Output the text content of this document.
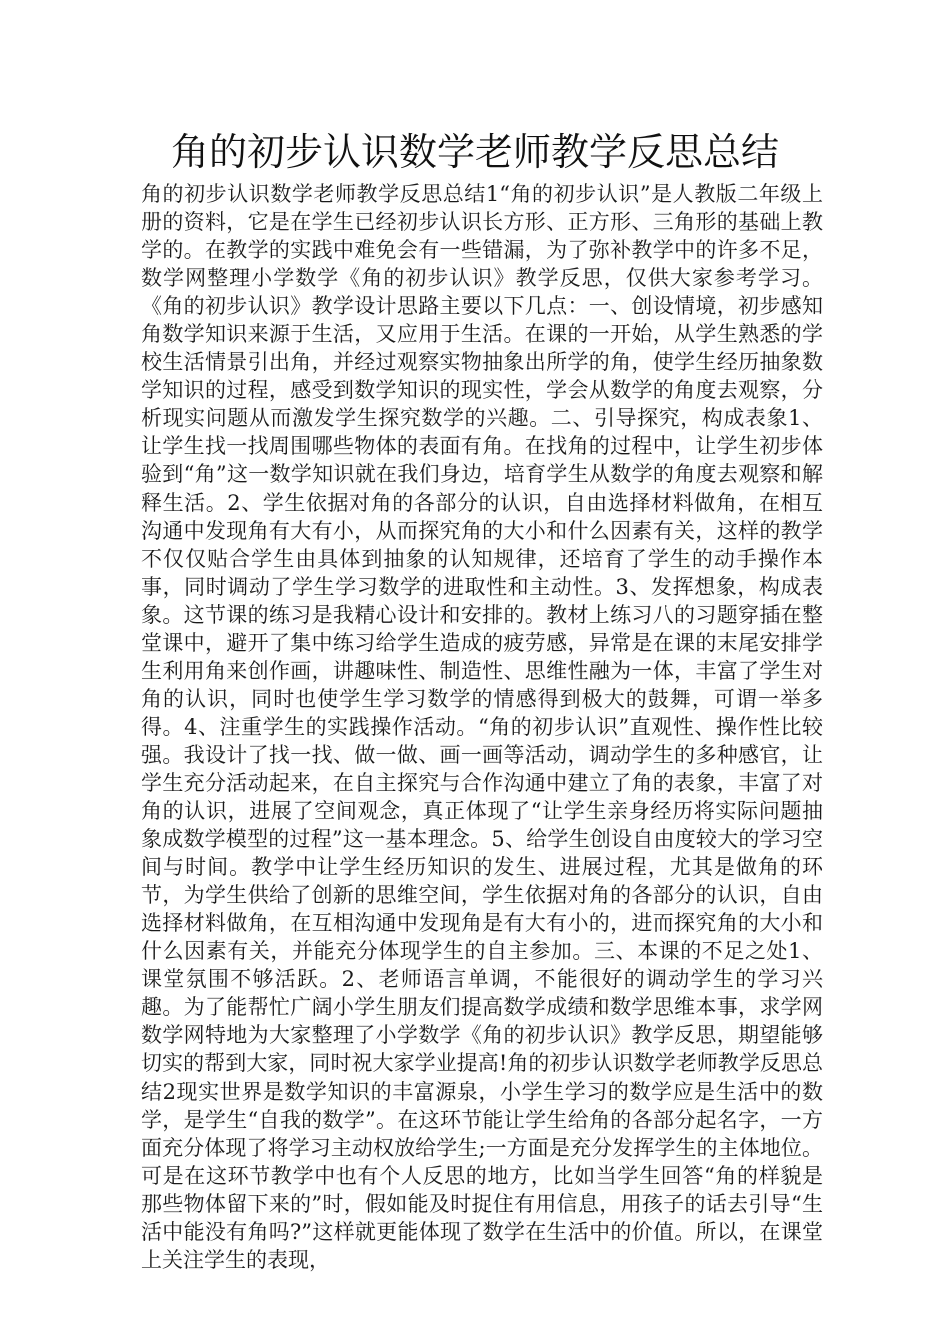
角的初步认识数学老师教学反思总结

角的初步认识数学老师教学反思总结1“角的初步认识”是人教版二年级上册的资料，它是在学生已经初步认识长方形、正方形、三角形的基础上教学的。在教学的实践中难免会有一些错漏，为了弥补教学中的许多不足，数学网整理小学数学《角的初步认识》教学反思，仅供大家参考学习。《角的初步认识》教学设计思路主要以下几点：一、创设情境，初步感知角数学知识来源于生活，又应用于生活。在课的一开始，从学生熟悉的学校生活情景引出角，并经过观察实物抽象出所学的角，使学生经历抽象数学知识的过程，感受到数学知识的现实性，学会从数学的角度去观察，分析现实问题从而激发学生探究数学的兴趣。二、引导探究，构成表象1、让学生找一找周围哪些物体的表面有角。在找角的过程中，让学生初步体验到“角”这一数学知识就在我们身边，培育学生从数学的角度去观察和解释生活。2、学生依据对角的各部分的认识，自由选择材料做角，在相互沟通中发现角有大有小，从而探究角的大小和什么因素有关，这样的教学不仅仅贴合学生由具体到抽象的认知规律，还培育了学生的动手操作本事，同时调动了学生学习数学的进取性和主动性。3、发挥想象，构成表象。这节课的练习是我精心设计和安排的。教材上练习八的习题穿插在整堂课中，避开了集中练习给学生造成的疲劳感，异常是在课的末尾安排学生利用角来创作画，讲趣味性、制造性、思维性融为一体，丰富了学生对角的认识，同时也使学生学习数学的情感得到极大的鼓舞，可谓一举多得。4、注重学生的实践操作活动。“角的初步认识”直观性、操作性比较强。我设计了找一找、做一做、画一画等活动，调动学生的多种感官，让学生充分活动起来，在自主探究与合作沟通中建立了角的表象，丰富了对角的认识，进展了空间观念，真正体现了“让学生亲身经历将实际问题抽象成数学模型的过程”这一基本理念。5、给学生创设自由度较大的学习空间与时间。教学中让学生经历知识的发生、进展过程，尤其是做角的环节，为学生供给了创新的思维空间，学生依据对角的各部分的认识，自由选择材料做角，在互相沟通中发现角是有大有小的，进而探究角的大小和什么因素有关，并能充分体现学生的自主参加。三、本课的不足之处1、课堂氛围不够活跃。2、老师语言单调，不能很好的调动学生的学习兴趣。为了能帮忙广阔小学生朋友们提高数学成绩和数学思维本事，求学网数学网特地为大家整理了小学数学《角的初步认识》教学反思，期望能够切实的帮到大家，同时祝大家学业提高!角的初步认识数学老师教学反思总结2现实世界是数学知识的丰富源泉，小学生学习的数学应是生活中的数学，是学生“自我的数学”。在这环节能让学生给角的各部分起名字，一方面充分体现了将学习主动权放给学生;一方面是充分发挥学生的主体地位。可是在这环节教学中也有个人反思的地方，比如当学生回答“角的样貌是那些物体留下来的”时，假如能及时捉住有用信息，用孩子的话去引导“生活中能没有角吗?”这样就更能体现了数学在生活中的价值。所以，在课堂上关注学生的表现，
